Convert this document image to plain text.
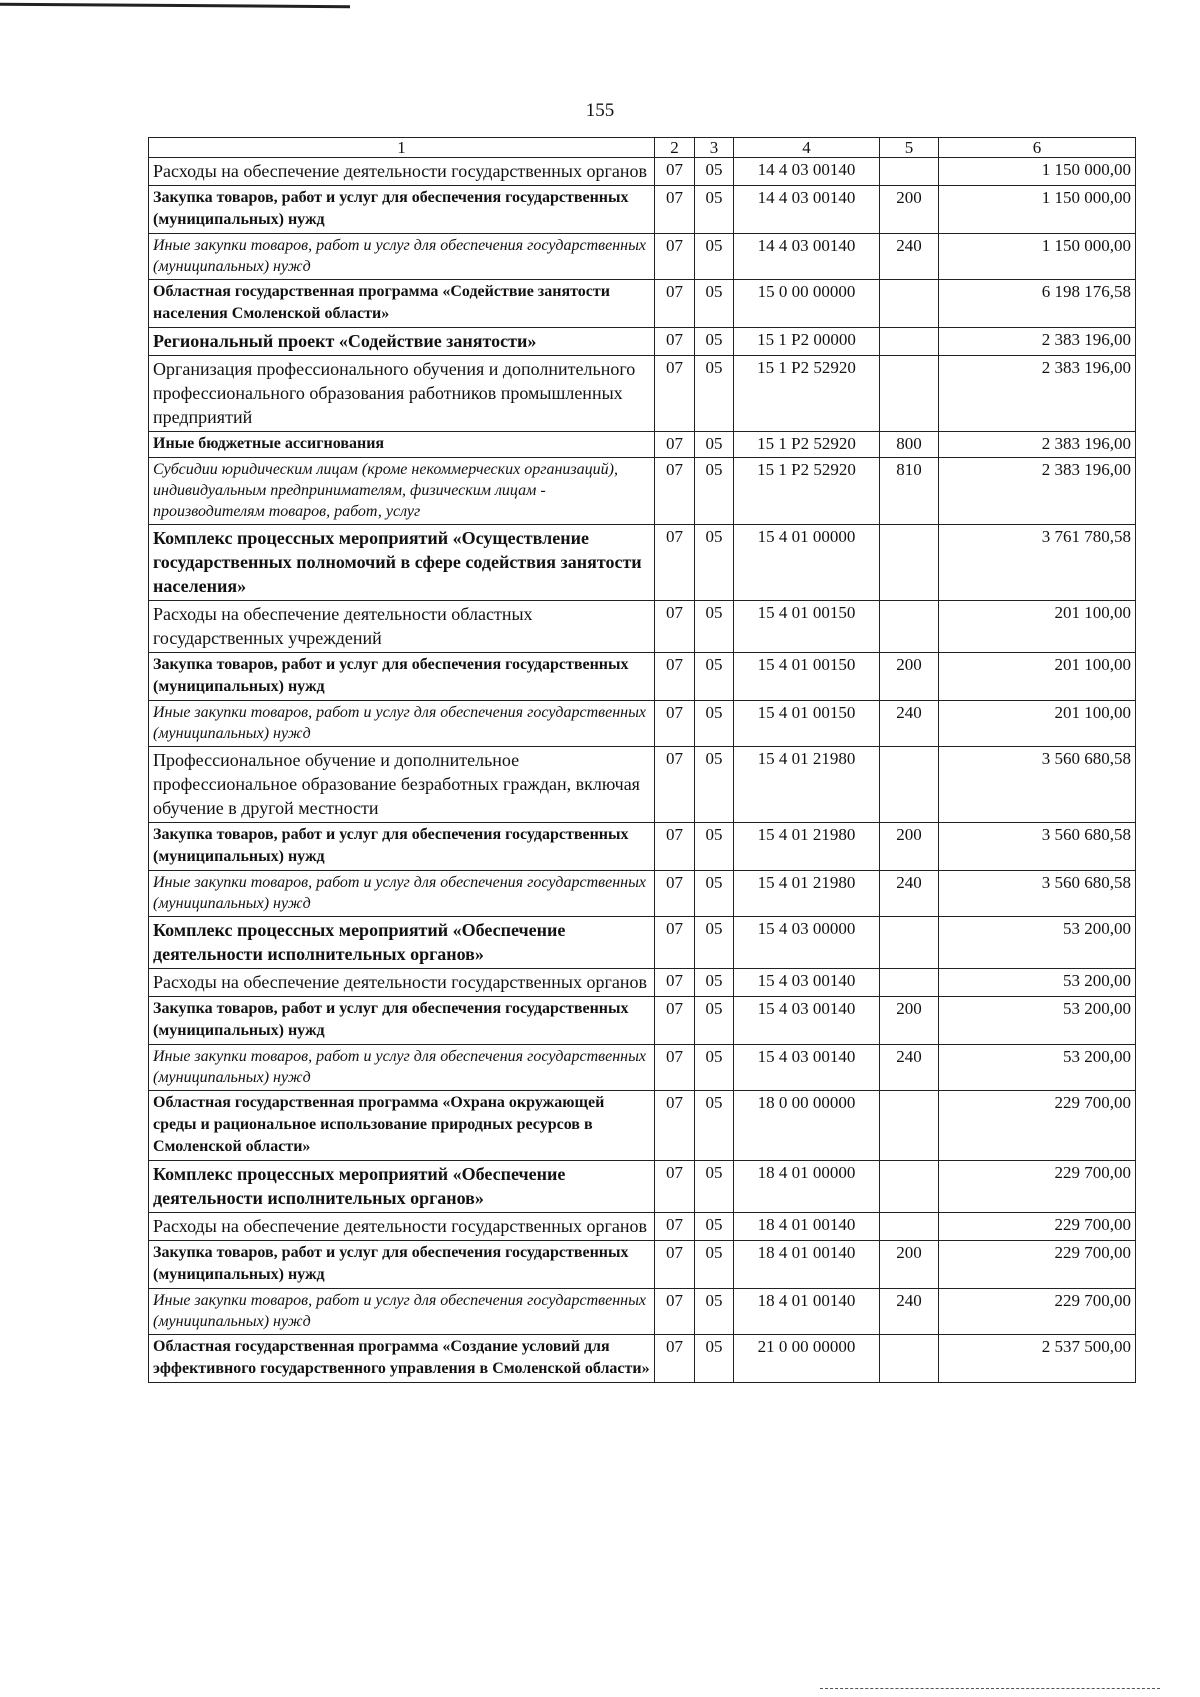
155
1	2	3	4	5	6
Расходы на обеспечение деятельности государственных органов	07	05	14 4 03 00140		1 150 000,00
Закупка товаров, работ и услуг для обеспечения государственных (муниципальных) нужд	07	05	14 4 03 00140	200	1 150 000,00
Иные закупки товаров, работ и услуг для обеспечения государственных (муниципальных) нужд	07	05	14 4 03 00140	240	1 150 000,00
Областная государственная программа «Содействие занятости населения Смоленской области»	07	05	15 0 00 00000		6 198 176,58
Региональный проект «Содействие занятости»	07	05	15 1 Р2 00000		2 383 196,00
Организация профессионального обучения и дополнительного профессионального образования работников промышленных предприятий	07	05	15 1 Р2 52920		2 383 196,00
Иные бюджетные ассигнования	07	05	15 1 Р2 52920	800	2 383 196,00
Субсидии юридическим лицам (кроме некоммерческих организаций), индивидуальным предпринимателям, физическим лицам - производителям товаров, работ, услуг	07	05	15 1 Р2 52920	810	2 383 196,00
Комплекс процессных мероприятий «Осуществление государственных полномочий в сфере содействия занятости населения»	07	05	15 4 01 00000		3 761 780,58
Расходы на обеспечение деятельности областных государственных учреждений	07	05	15 4 01 00150		201 100,00
Закупка товаров, работ и услуг для обеспечения государственных (муниципальных) нужд	07	05	15 4 01 00150	200	201 100,00
Иные закупки товаров, работ и услуг для обеспечения государственных (муниципальных) нужд	07	05	15 4 01 00150	240	201 100,00
Профессиональное обучение и дополнительное профессиональное образование безработных граждан, включая обучение в другой местности	07	05	15 4 01 21980		3 560 680,58
Закупка товаров, работ и услуг для обеспечения государственных (муниципальных) нужд	07	05	15 4 01 21980	200	3 560 680,58
Иные закупки товаров, работ и услуг для обеспечения государственных (муниципальных) нужд	07	05	15 4 01 21980	240	3 560 680,58
Комплекс процессных мероприятий «Обеспечение деятельности исполнительных органов»	07	05	15 4 03 00000		53 200,00
Расходы на обеспечение деятельности государственных органов	07	05	15 4 03 00140		53 200,00
Закупка товаров, работ и услуг для обеспечения государственных (муниципальных) нужд	07	05	15 4 03 00140	200	53 200,00
Иные закупки товаров, работ и услуг для обеспечения государственных (муниципальных) нужд	07	05	15 4 03 00140	240	53 200,00
Областная государственная программа «Охрана окружающей среды и рациональное использование природных ресурсов в Смоленской области»	07	05	18 0 00 00000		229 700,00
Комплекс процессных мероприятий «Обеспечение деятельности исполнительных органов»	07	05	18 4 01 00000		229 700,00
Расходы на обеспечение деятельности государственных органов	07	05	18 4 01 00140		229 700,00
Закупка товаров, работ и услуг для обеспечения государственных (муниципальных) нужд	07	05	18 4 01 00140	200	229 700,00
Иные закупки товаров, работ и услуг для обеспечения государственных (муниципальных) нужд	07	05	18 4 01 00140	240	229 700,00
Областная государственная программа «Создание условий для эффективного государственного управления в Смоленской области»	07	05	21 0 00 00000		2 537 500,00
